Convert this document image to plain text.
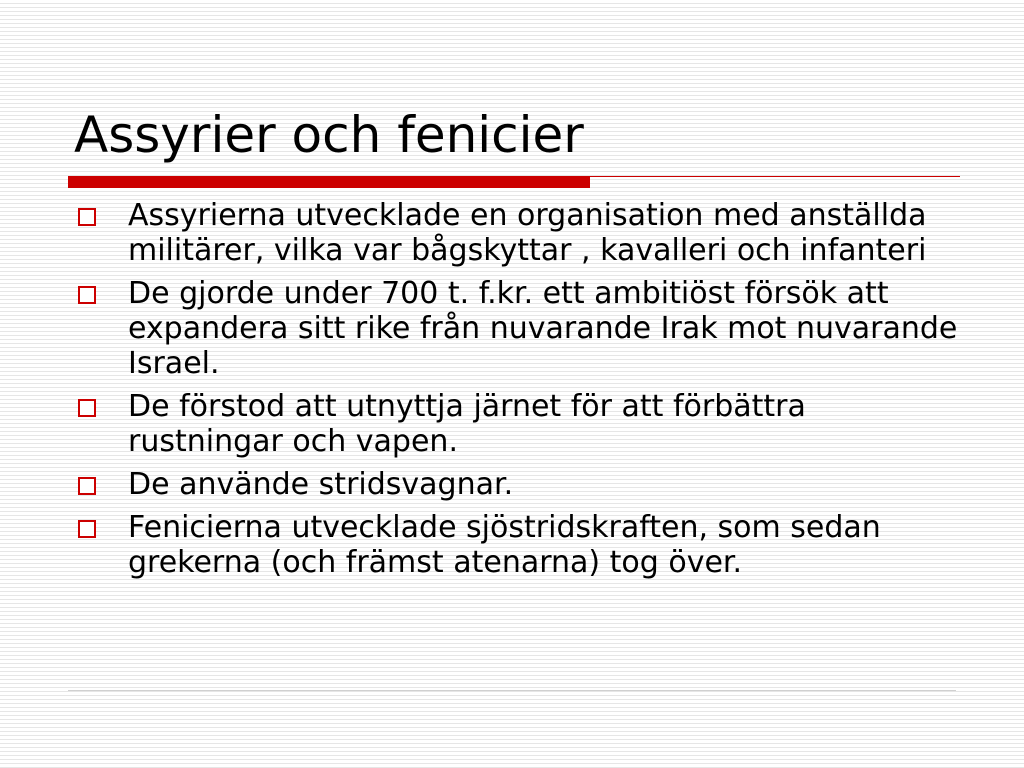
Assyrier och fenicier
Assyrierna utvecklade en organisation med anställda militärer, vilka var bågskyttar , kavalleri och infanteri
De gjorde under 700 t. f.kr. ett ambitiöst försök att expandera sitt rike från nuvarande Irak mot nuvarande Israel.
De förstod att utnyttja järnet för att förbättra rustningar och vapen.
De använde stridsvagnar.
Fenicierna utvecklade sjöstridskraften, som sedan grekerna (och främst atenarna) tog över.
